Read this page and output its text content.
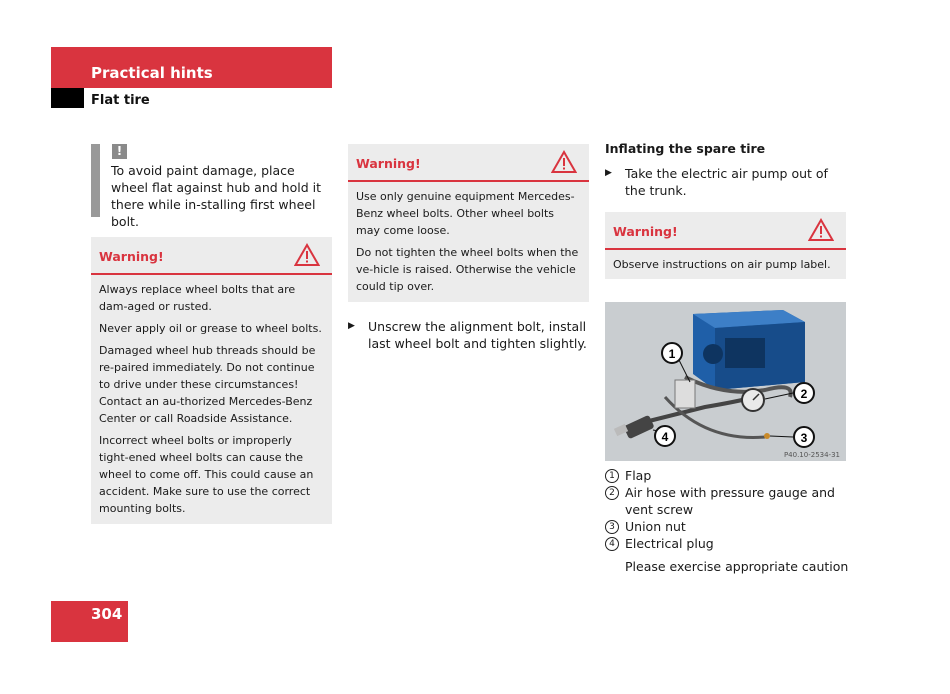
Practical hints
Flat tire
!
To avoid paint damage, place wheel flat against hub and hold it there while in-stalling first wheel bolt.
Warning!

Always replace wheel bolts that are dam-aged or rusted.

Never apply oil or grease to wheel bolts.

Damaged wheel hub threads should be re-paired immediately. Do not continue to drive under these circumstances! Contact an au-thorized Mercedes-Benz Center or call Roadside Assistance.

Incorrect wheel bolts or improperly tight-ened wheel bolts can cause the wheel to come off. This could cause an accident. Make sure to use the correct mounting bolts.

Warning!

Use only genuine equipment Mercedes-Benz wheel bolts. Other wheel bolts may come loose.

Do not tighten the wheel bolts when the ve-hicle is raised. Otherwise the vehicle could tip over.

▶ Unscrew the alignment bolt, install last wheel bolt and tighten slightly.
Inflating the spare tire
▶ Take the electric air pump out of the trunk.
Warning!

Observe instructions on air pump label.

1
2
3
4
P40.10-2534-31
1 Flap
2 Air hose with pressure gauge and vent screw
3 Union nut
4 Electrical plug
Please exercise appropriate caution
304
